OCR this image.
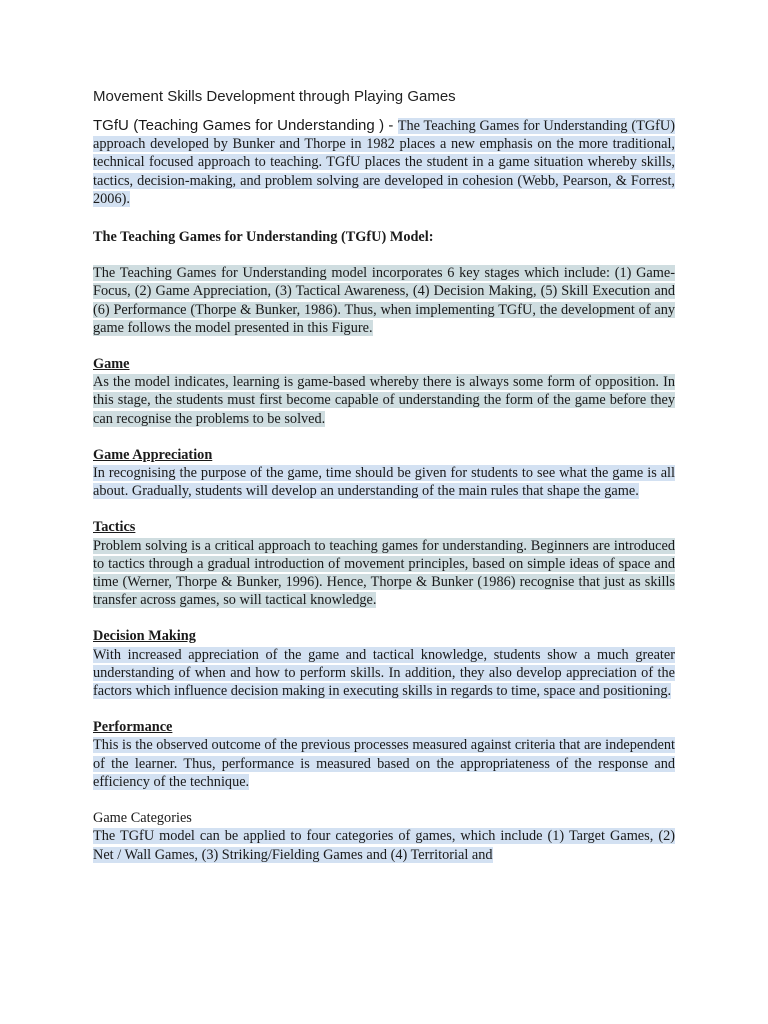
Movement Skills Development through Playing Games

TGfU (Teaching Games for Understanding ) - The Teaching Games for Understanding (TGfU) approach developed by Bunker and Thorpe in 1982 places a new emphasis on the more traditional, technical focused approach to teaching. TGfU places the student in a game situation whereby skills, tactics, decision-making, and problem solving are developed in cohesion (Webb, Pearson, & Forrest, 2006).

The Teaching Games for Understanding (TGfU) Model:

The Teaching Games for Understanding model incorporates 6 key stages which include: (1) Game-Focus, (2) Game Appreciation, (3) Tactical Awareness, (4) Decision Making, (5) Skill Execution and (6) Performance (Thorpe & Bunker, 1986). Thus, when implementing TGfU, the development of any game follows the model presented in this Figure.

Game

As the model indicates, learning is game-based whereby there is always some form of opposition. In this stage, the students must first become capable of understanding the form of the game before they can recognise the problems to be solved.

Game Appreciation

In recognising the purpose of the game, time should be given for students to see what the game is all about. Gradually, students will develop an understanding of the main rules that shape the game.

Tactics

Problem solving is a critical approach to teaching games for understanding. Beginners are introduced to tactics through a gradual introduction of movement principles, based on simple ideas of space and time (Werner, Thorpe & Bunker, 1996). Hence, Thorpe & Bunker (1986) recognise that just as skills transfer across games, so will tactical knowledge.

Decision Making

With increased appreciation of the game and tactical knowledge, students show a much greater understanding of when and how to perform skills. In addition, they also develop appreciation of the factors which influence decision making in executing skills in regards to time, space and positioning.

Performance

This is the observed outcome of the previous processes measured against criteria that are independent of the learner. Thus, performance is measured based on the appropriateness of the response and efficiency of the technique.

Game Categories

The TGfU model can be applied to four categories of games, which include (1) Target Games, (2) Net / Wall Games, (3) Striking/Fielding Games and (4) Territorial and
